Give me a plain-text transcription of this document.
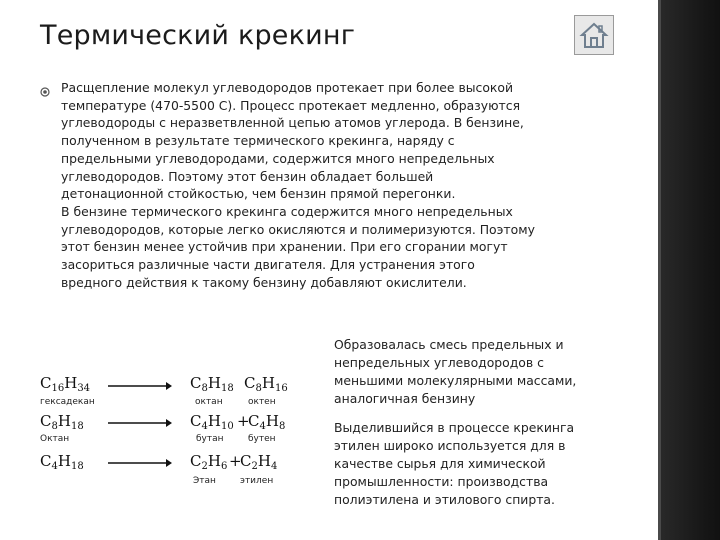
Термический крекинг
Расщепление молекул углеводородов протекает при более высокой
температуре (470-5500 С). Процесс протекает медленно, образуются
углеводороды с неразветвленной цепью атомов углерода. В бензине,
полученном в результате термического крекинга, наряду с
предельными углеводородами, содержится много непредельных
углеводородов. Поэтому этот бензин обладает большей
детонационной стойкостью, чем бензин прямой перегонки.
В бензине термического крекинга содержится много непредельных
углеводородов, которые легко окисляются и полимеризуются. Поэтому
этот бензин менее устойчив при хранении. При его сгорании могут
засориться различные части двигателя. Для устранения этого
вредного действия к такому бензину добавляют окислители.
$C_{16}H_{34}$
гексадекан
→ $C_8H_{18}$ $C_8H_{16}$
октан	октен
$C_8H_{18}$
Октан
→ $C_4H_{10}$ +
$C_4H_8$
бутан	бутен
$C_4H_{18} \to C_2H_6$ +
$C_2H_4$
Этан	этилен
Образовалась смесь предельных и
непредельных углеводородов с
меньшими молекулярными массами,
аналогичная бензину
Выделившийся в процессе крекинга
этилен широко используется для в
качестве сырья для химической
промышленности: производства
полиэтилена и этилового спирта.
